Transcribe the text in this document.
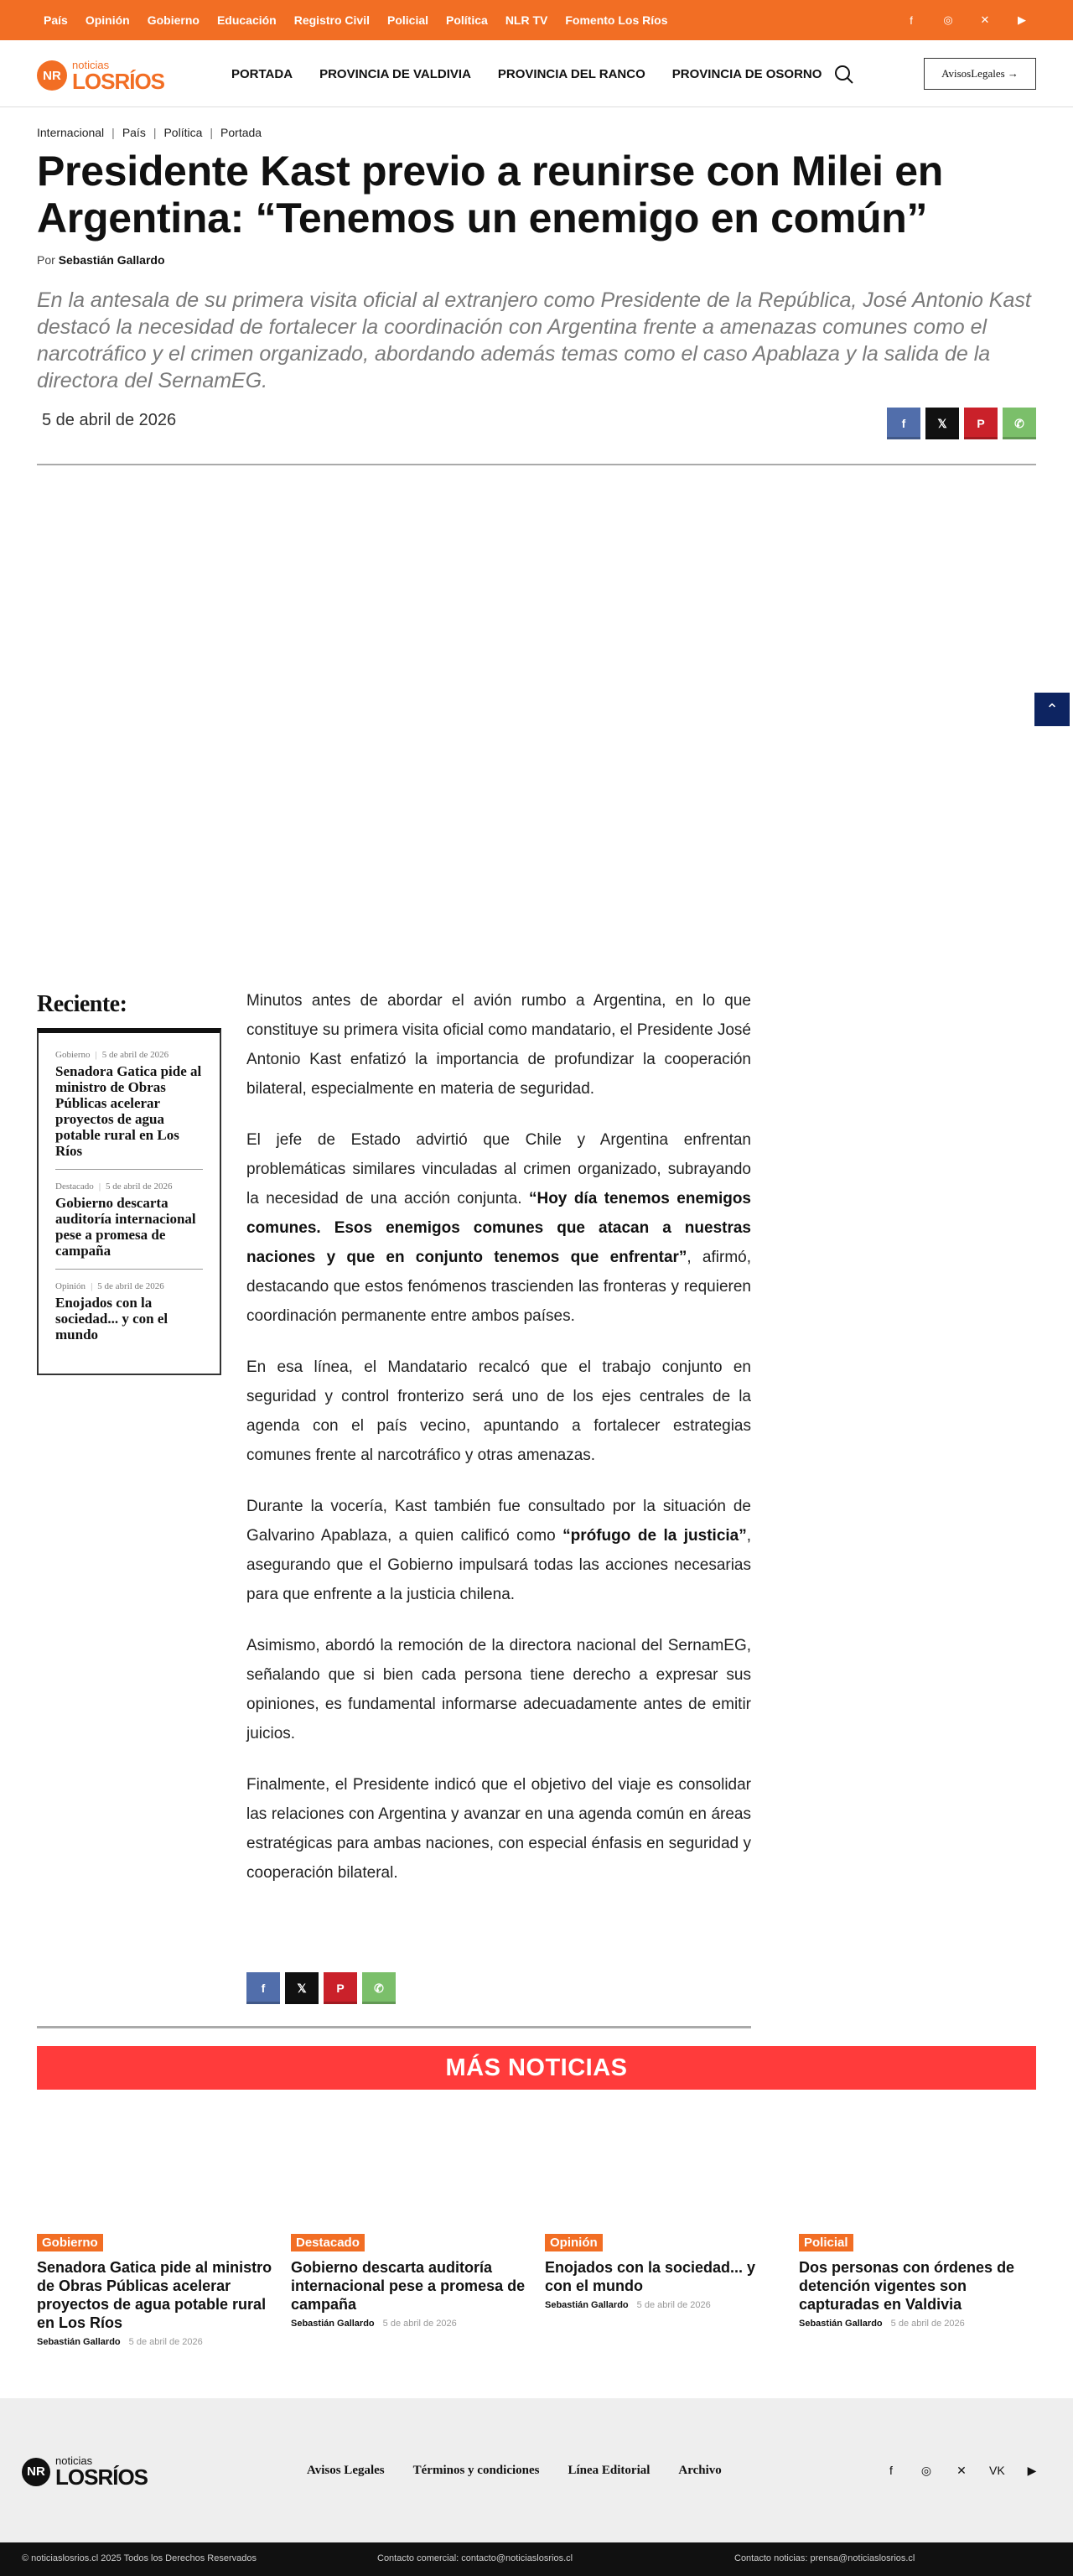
País Opinión Gobierno Educación Registro Civil Policial Política NLR TV Fomento Los Ríos	f	◎	✕	▶
NR
noticias
LOSRÍOS	PORTADA PROVINCIA DE VALDIVIA PROVINCIA DEL RANCO PROVINCIA DE OSORNO	AvisosLegales →
Internacional | País | Política | Portada
Presidente Kast previo a reunirse con Milei en Argentina: “Tenemos un enemigo en común”
Por Sebastián Gallardo
En la antesala de su primera visita oficial al extranjero como Presidente de la República, José Antonio Kast destacó la necesidad de fortalecer la coordinación con Argentina frente a amenazas comunes como el narcotráfico y el crimen organizado, abordando además temas como el caso Apablaza y la salida de la directora del SernamEG.
5 de abril de 2026	f	𝕏	P	✆
⌃
Reciente:
Gobierno | 5 de abril de 2026
Senadora Gatica pide al ministro de Obras Públicas acelerar proyectos de agua potable rural en Los Ríos
Destacado | 5 de abril de 2026
Gobierno descarta auditoría internacional pese a promesa de campaña
Opinión | 5 de abril de 2026
Enojados con la sociedad... y con el mundo

Minutos antes de abordar el avión rumbo a Argentina, en lo que constituye su primera visita oficial como mandatario, el Presidente José Antonio Kast enfatizó la importancia de profundizar la cooperación bilateral, especialmente en materia de seguridad.

El jefe de Estado advirtió que Chile y Argentina enfrentan problemáticas similares vinculadas al crimen organizado, subrayando la necesidad de una acción conjunta. “Hoy día tenemos enemigos comunes. Esos enemigos comunes que atacan a nuestras naciones y que en conjunto tenemos que enfrentar”, afirmó, destacando que estos fenómenos trascienden las fronteras y requieren coordinación permanente entre ambos países.

En esa línea, el Mandatario recalcó que el trabajo conjunto en seguridad y control fronterizo será uno de los ejes centrales de la agenda con el país vecino, apuntando a fortalecer estrategias comunes frente al narcotráfico y otras amenazas.

Durante la vocería, Kast también fue consultado por la situación de Galvarino Apablaza, a quien calificó como “prófugo de la justicia”, asegurando que el Gobierno impulsará todas las acciones necesarias para que enfrente a la justicia chilena.

Asimismo, abordó la remoción de la directora nacional del SernamEG, señalando que si bien cada persona tiene derecho a expresar sus opiniones, es fundamental informarse adecuadamente antes de emitir juicios.

Finalmente, el Presidente indicó que el objetivo del viaje es consolidar las relaciones con Argentina y avanzar en una agenda común en áreas estratégicas para ambas naciones, con especial énfasis en seguridad y cooperación bilateral.

f	𝕏	P	✆
MÁS NOTICIAS
Gobierno
Senadora Gatica pide al ministro de Obras Públicas acelerar proyectos de agua potable rural en Los Ríos
Sebastián Gallardo 5 de abril de 2026
Destacado
Gobierno descarta auditoría internacional pese a promesa de campaña
Sebastián Gallardo 5 de abril de 2026
Opinión
Enojados con la sociedad... y con el mundo
Sebastián Gallardo 5 de abril de 2026
Policial
Dos personas con órdenes de detención vigentes son capturadas en Valdivia
Sebastián Gallardo 5 de abril de 2026
NR
noticias
LOSRÍOS	Avisos Legales Términos y condiciones Línea Editorial Archivo	f	◎ ✕ VK ▶
© noticiaslosrios.cl 2025 Todos los Derechos Reservados	Contacto comercial: contacto@noticiaslosrios.cl	Contacto noticias: prensa@noticiaslosrios.cl
